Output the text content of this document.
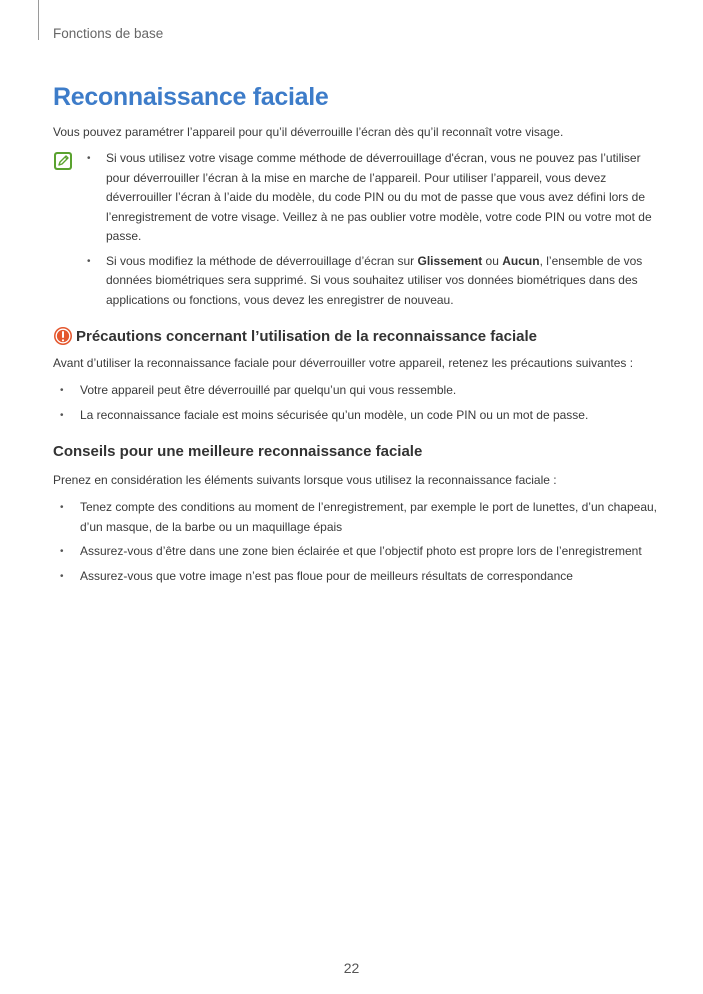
Fonctions de base
Reconnaissance faciale

Vous pouvez paramétrer l’appareil pour qu’il déverrouille l’écran dès qu’il reconnaît votre visage.

• Si vous utilisez votre visage comme méthode de déverrouillage d'écran, vous ne pouvez pas l’utiliser pour déverrouiller l’écran à la mise en marche de l’appareil. Pour utiliser l’appareil, vous devez déverrouiller l’écran à l’aide du modèle, du code PIN ou du mot de passe que vous avez défini lors de l’enregistrement de votre visage. Veillez à ne pas oublier votre modèle, votre code PIN ou votre mot de passe.
• Si vous modifiez la méthode de déverrouillage d’écran sur Glissement ou Aucun, l’ensemble de vos données biométriques sera supprimé. Si vous souhaitez utiliser vos données biométriques dans des applications ou fonctions, vous devez les enregistrer de nouveau.
Précautions concernant l’utilisation de la reconnaissance faciale

Avant d’utiliser la reconnaissance faciale pour déverrouiller votre appareil, retenez les précautions suivantes :

• Votre appareil peut être déverrouillé par quelqu’un qui vous ressemble.
• La reconnaissance faciale est moins sécurisée qu’un modèle, un code PIN ou un mot de passe.
Conseils pour une meilleure reconnaissance faciale

Prenez en considération les éléments suivants lorsque vous utilisez la reconnaissance faciale :

• Tenez compte des conditions au moment de l’enregistrement, par exemple le port de lunettes, d’un chapeau, d’un masque, de la barbe ou un maquillage épais
• Assurez-vous d’être dans une zone bien éclairée et que l’objectif photo est propre lors de l’enregistrement
• Assurez-vous que votre image n’est pas floue pour de meilleurs résultats de correspondance
22
